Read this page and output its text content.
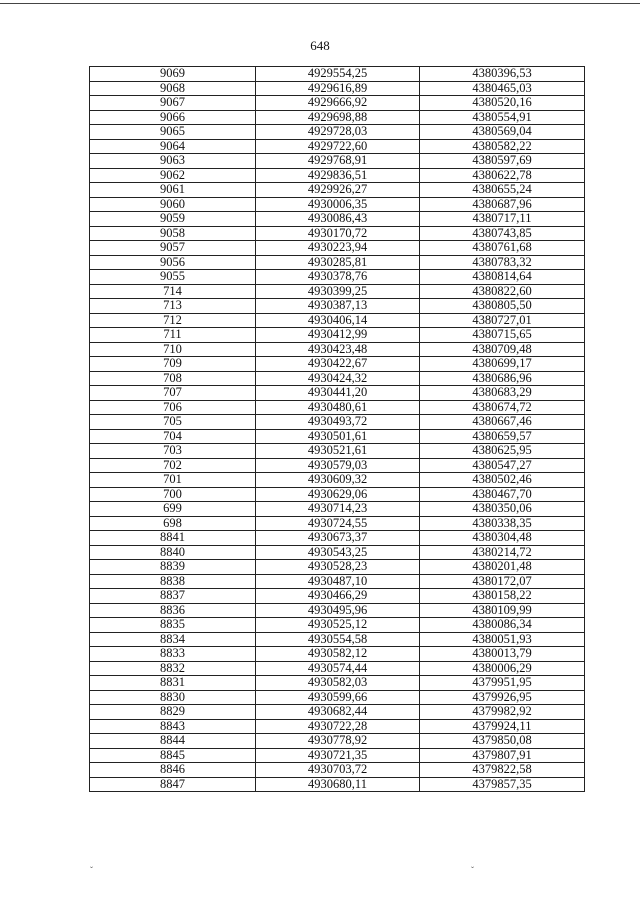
648
9069	4929554,25	4380396,53
9068	4929616,89	4380465,03
9067	4929666,92	4380520,16
9066	4929698,88	4380554,91
9065	4929728,03	4380569,04
9064	4929722,60	4380582,22
9063	4929768,91	4380597,69
9062	4929836,51	4380622,78
9061	4929926,27	4380655,24
9060	4930006,35	4380687,96
9059	4930086,43	4380717,11
9058	4930170,72	4380743,85
9057	4930223,94	4380761,68
9056	4930285,81	4380783,32
9055	4930378,76	4380814,64
714	4930399,25	4380822,60
713	4930387,13	4380805,50
712	4930406,14	4380727,01
711	4930412,99	4380715,65
710	4930423,48	4380709,48
709	4930422,67	4380699,17
708	4930424,32	4380686,96
707	4930441,20	4380683,29
706	4930480,61	4380674,72
705	4930493,72	4380667,46
704	4930501,61	4380659,57
703	4930521,61	4380625,95
702	4930579,03	4380547,27
701	4930609,32	4380502,46
700	4930629,06	4380467,70
699	4930714,23	4380350,06
698	4930724,55	4380338,35
8841	4930673,37	4380304,48
8840	4930543,25	4380214,72
8839	4930528,23	4380201,48
8838	4930487,10	4380172,07
8837	4930466,29	4380158,22
8836	4930495,96	4380109,99
8835	4930525,12	4380086,34
8834	4930554,58	4380051,93
8833	4930582,12	4380013,79
8832	4930574,44	4380006,29
8831	4930582,03	4379951,95
8830	4930599,66	4379926,95
8829	4930682,44	4379982,92
8843	4930722,28	4379924,11
8844	4930778,92	4379850,08
8845	4930721,35	4379807,91
8846	4930703,72	4379822,58
8847	4930680,11	4379857,35
ˇ	ˇ
